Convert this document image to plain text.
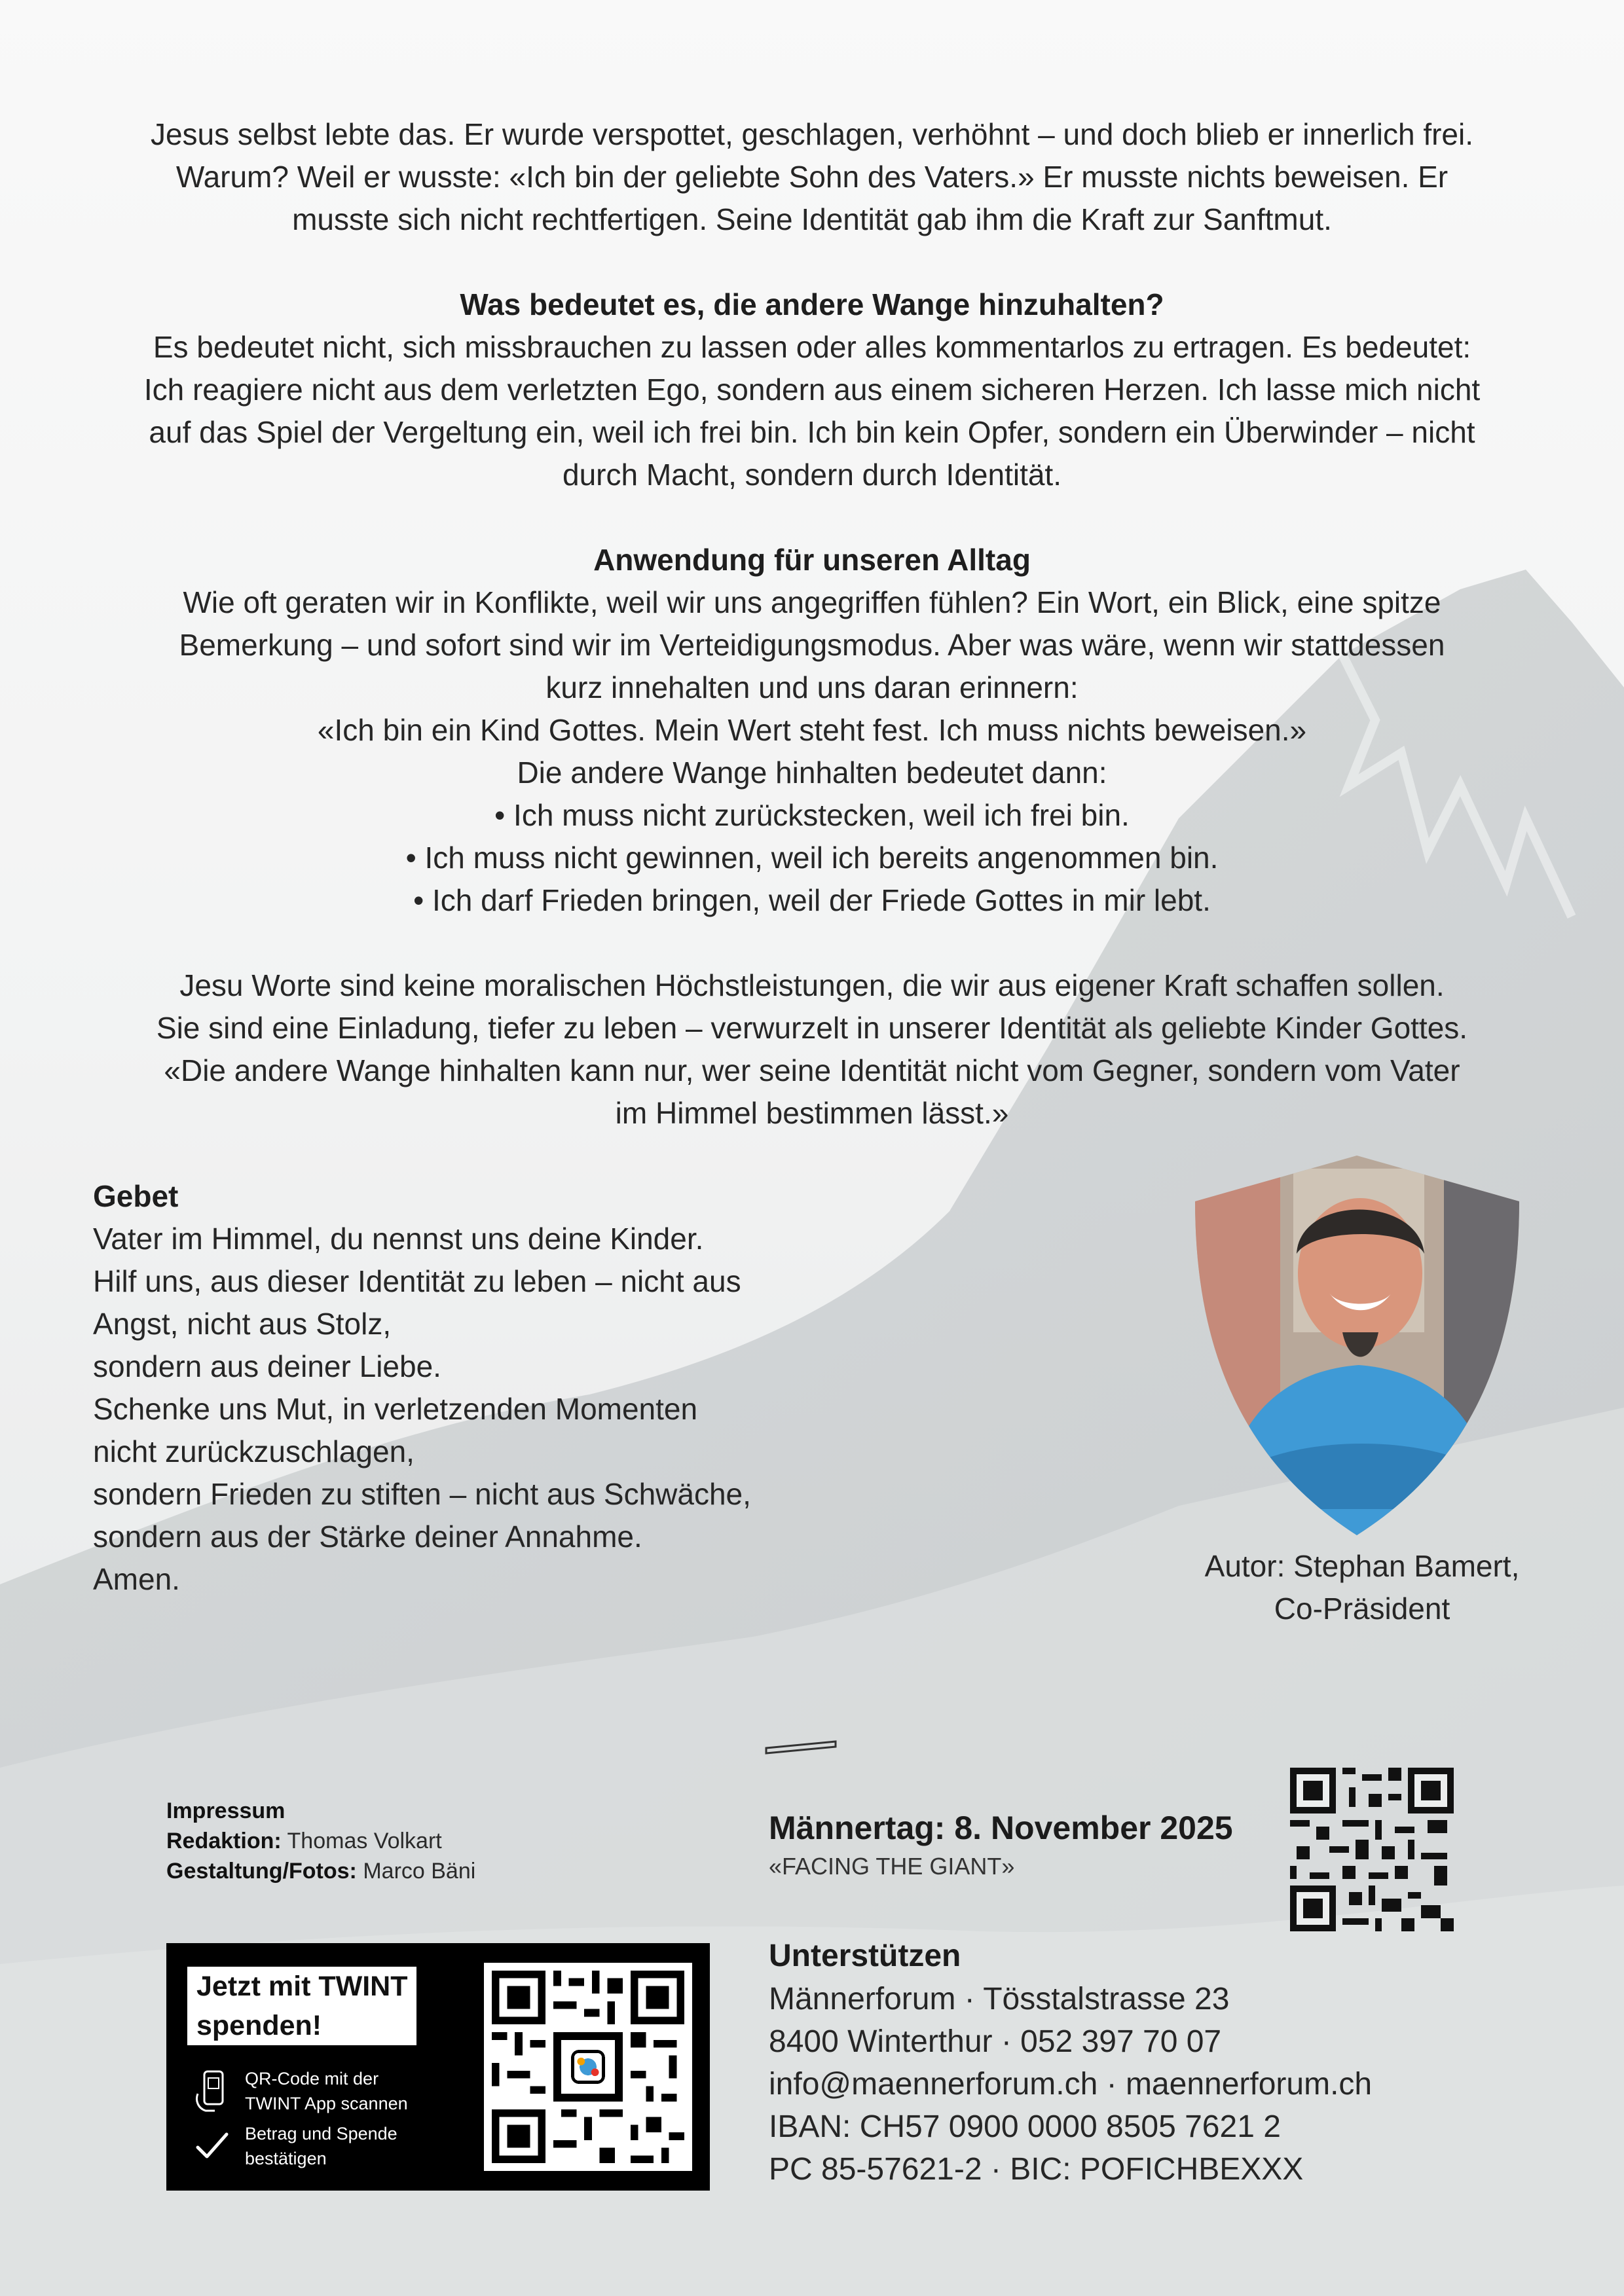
Jesus selbst lebte das. Er wurde verspottet, geschlagen, verhöhnt – und doch blieb er innerlich frei.

Warum? Weil er wusste: «Ich bin der geliebte Sohn des Vaters.» Er musste nichts beweisen. Er

musste sich nicht rechtfertigen. Seine Identität gab ihm die Kraft zur Sanftmut.

Was bedeutet es, die andere Wange hinzuhalten?

Es bedeutet nicht, sich missbrauchen zu lassen oder alles kommentarlos zu ertragen. Es bedeutet:

Ich reagiere nicht aus dem verletzten Ego, sondern aus einem sicheren Herzen. Ich lasse mich nicht

auf das Spiel der Vergeltung ein, weil ich frei bin. Ich bin kein Opfer, sondern ein Überwinder – nicht

durch Macht, sondern durch Identität.

Anwendung für unseren Alltag

Wie oft geraten wir in Konflikte, weil wir uns angegriffen fühlen? Ein Wort, ein Blick, eine spitze

Bemerkung – und sofort sind wir im Verteidigungsmodus. Aber was wäre, wenn wir stattdessen

kurz innehalten und uns daran erinnern:

«Ich bin ein Kind Gottes. Mein Wert steht fest. Ich muss nichts beweisen.»

Die andere Wange hinhalten bedeutet dann:

• Ich muss nicht zurückstecken, weil ich frei bin.

• Ich muss nicht gewinnen, weil ich bereits angenommen bin.

• Ich darf Frieden bringen, weil der Friede Gottes in mir lebt.

Jesu Worte sind keine moralischen Höchstleistungen, die wir aus eigener Kraft schaffen sollen.

Sie sind eine Einladung, tiefer zu leben – verwurzelt in unserer Identität als geliebte Kinder Gottes.

«Die andere Wange hinhalten kann nur, wer seine Identität nicht vom Gegner, sondern vom Vater

im Himmel bestimmen lässt.»

Gebet

Vater im Himmel, du nennst uns deine Kinder.

Hilf uns, aus dieser Identität zu leben – nicht aus

Angst, nicht aus Stolz,

sondern aus deiner Liebe.

Schenke uns Mut, in verletzenden Momenten

nicht zurückzuschlagen,

sondern Frieden zu stiften – nicht aus Schwäche,

sondern aus der Stärke deiner Annahme.

Amen.	Autor: Stephan Bamert,

Co-Präsident

Impressum
Redaktion: Thomas Volkart
Gestaltung/Fotos: Marco Bäni
Männertag: 8. November 2025
«FACING THE GIANT»
Unterstützen
Männerforum · Tösstalstrasse 23
8400 Winterthur · 052 397 70 07
info@maennerforum.ch · maennerforum.ch
IBAN: CH57 0900 0000 8505 7621 2
PC 85-57621-2 · BIC: POFICHBEXXX
Jetzt mit TWINT
spenden!
QR-Code mit der
TWINT App scannen
Betrag und Spende
bestätigen
